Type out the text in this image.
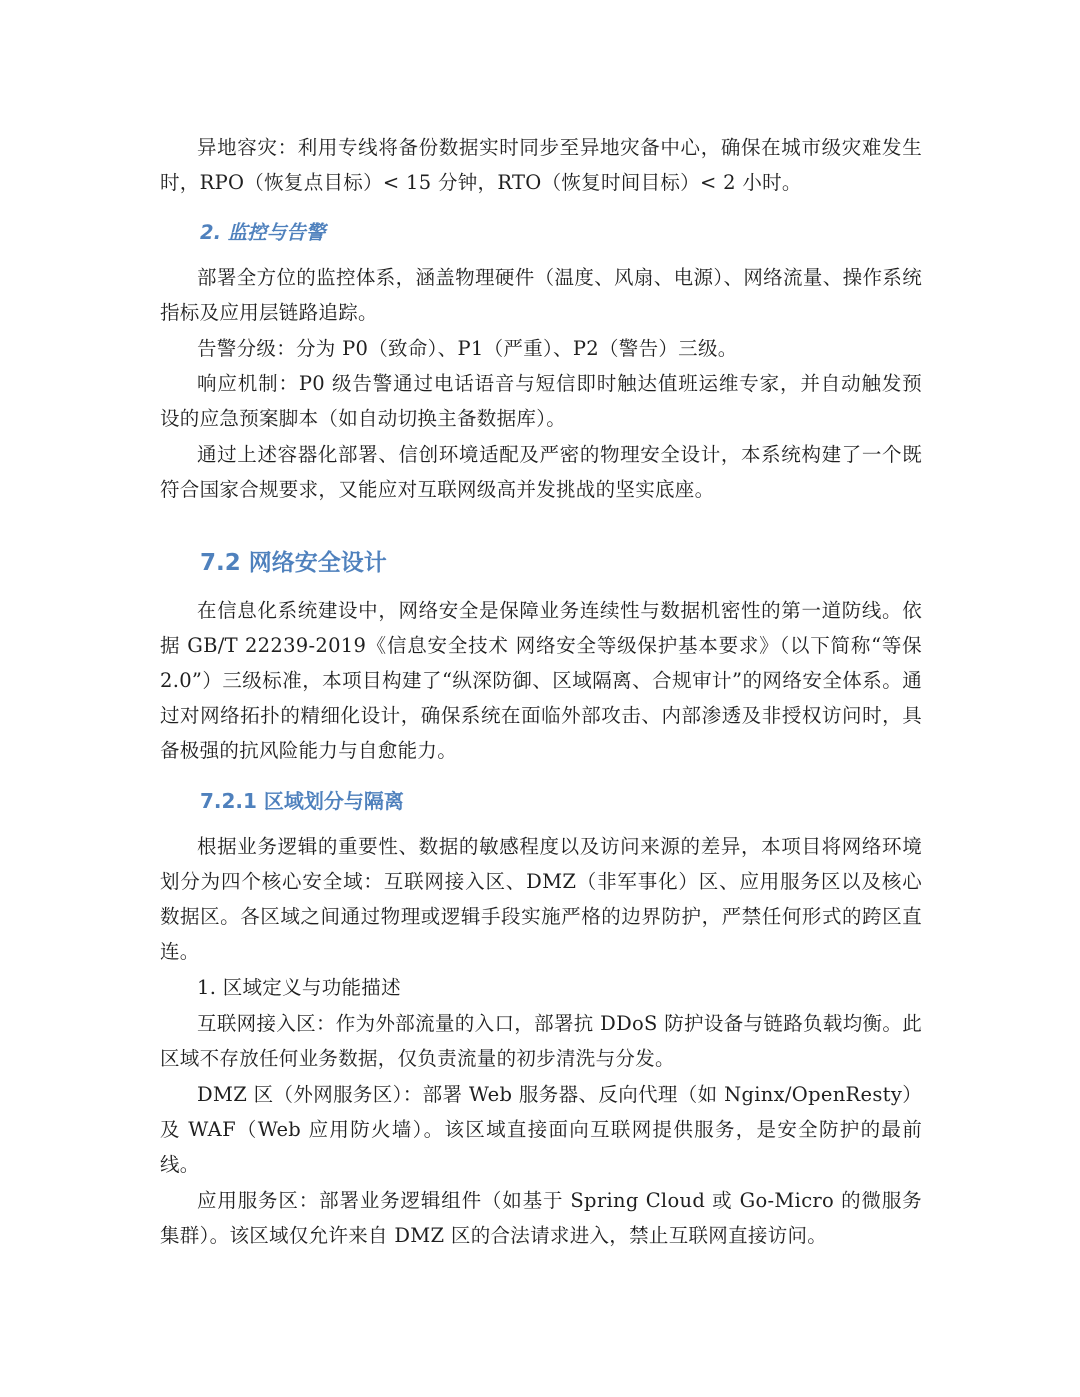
异地容灾：利用专线将备份数据实时同步至异地灾备中心，确保在城市级灾难发生时，RPO（恢复点目标）< 15 分钟，RTO（恢复时间目标）< 2 小时。

2. 监控与告警

部署全方位的监控体系，涵盖物理硬件（温度、风扇、电源）、网络流量、操作系统指标及应用层链路追踪。

告警分级：分为 P0（致命）、P1（严重）、P2（警告）三级。

响应机制：P0 级告警通过电话语音与短信即时触达值班运维专家，并自动触发预设的应急预案脚本（如自动切换主备数据库）。

通过上述容器化部署、信创环境适配及严密的物理安全设计，本系统构建了一个既符合国家合规要求，又能应对互联网级高并发挑战的坚实底座。

7.2 网络安全设计

在信息化系统建设中，网络安全是保障业务连续性与数据机密性的第一道防线。依据 GB/T 22239-2019《信息安全技术 网络安全等级保护基本要求》（以下简称“等保 2.0”）三级标准，本项目构建了“纵深防御、区域隔离、合规审计”的网络安全体系。通过对网络拓扑的精细化设计，确保系统在面临外部攻击、内部渗透及非授权访问时，具备极强的抗风险能力与自愈能力。

7.2.1 区域划分与隔离

根据业务逻辑的重要性、数据的敏感程度以及访问来源的差异，本项目将网络环境划分为四个核心安全域：互联网接入区、DMZ（非军事化）区、应用服务区以及核心数据区。各区域之间通过物理或逻辑手段实施严格的边界防护，严禁任何形式的跨区直连。

1. 区域定义与功能描述

互联网接入区：作为外部流量的入口，部署抗 DDoS 防护设备与链路负载均衡。此区域不存放任何业务数据，仅负责流量的初步清洗与分发。

DMZ 区（外网服务区）：部署 Web 服务器、反向代理（如 Nginx/OpenResty）及 WAF（Web 应用防火墙）。该区域直接面向互联网提供服务，是安全防护的最前线。

应用服务区：部署业务逻辑组件（如基于 Spring Cloud 或 Go-Micro 的微服务集群）。该区域仅允许来自 DMZ 区的合法请求进入，禁止互联网直接访问。
